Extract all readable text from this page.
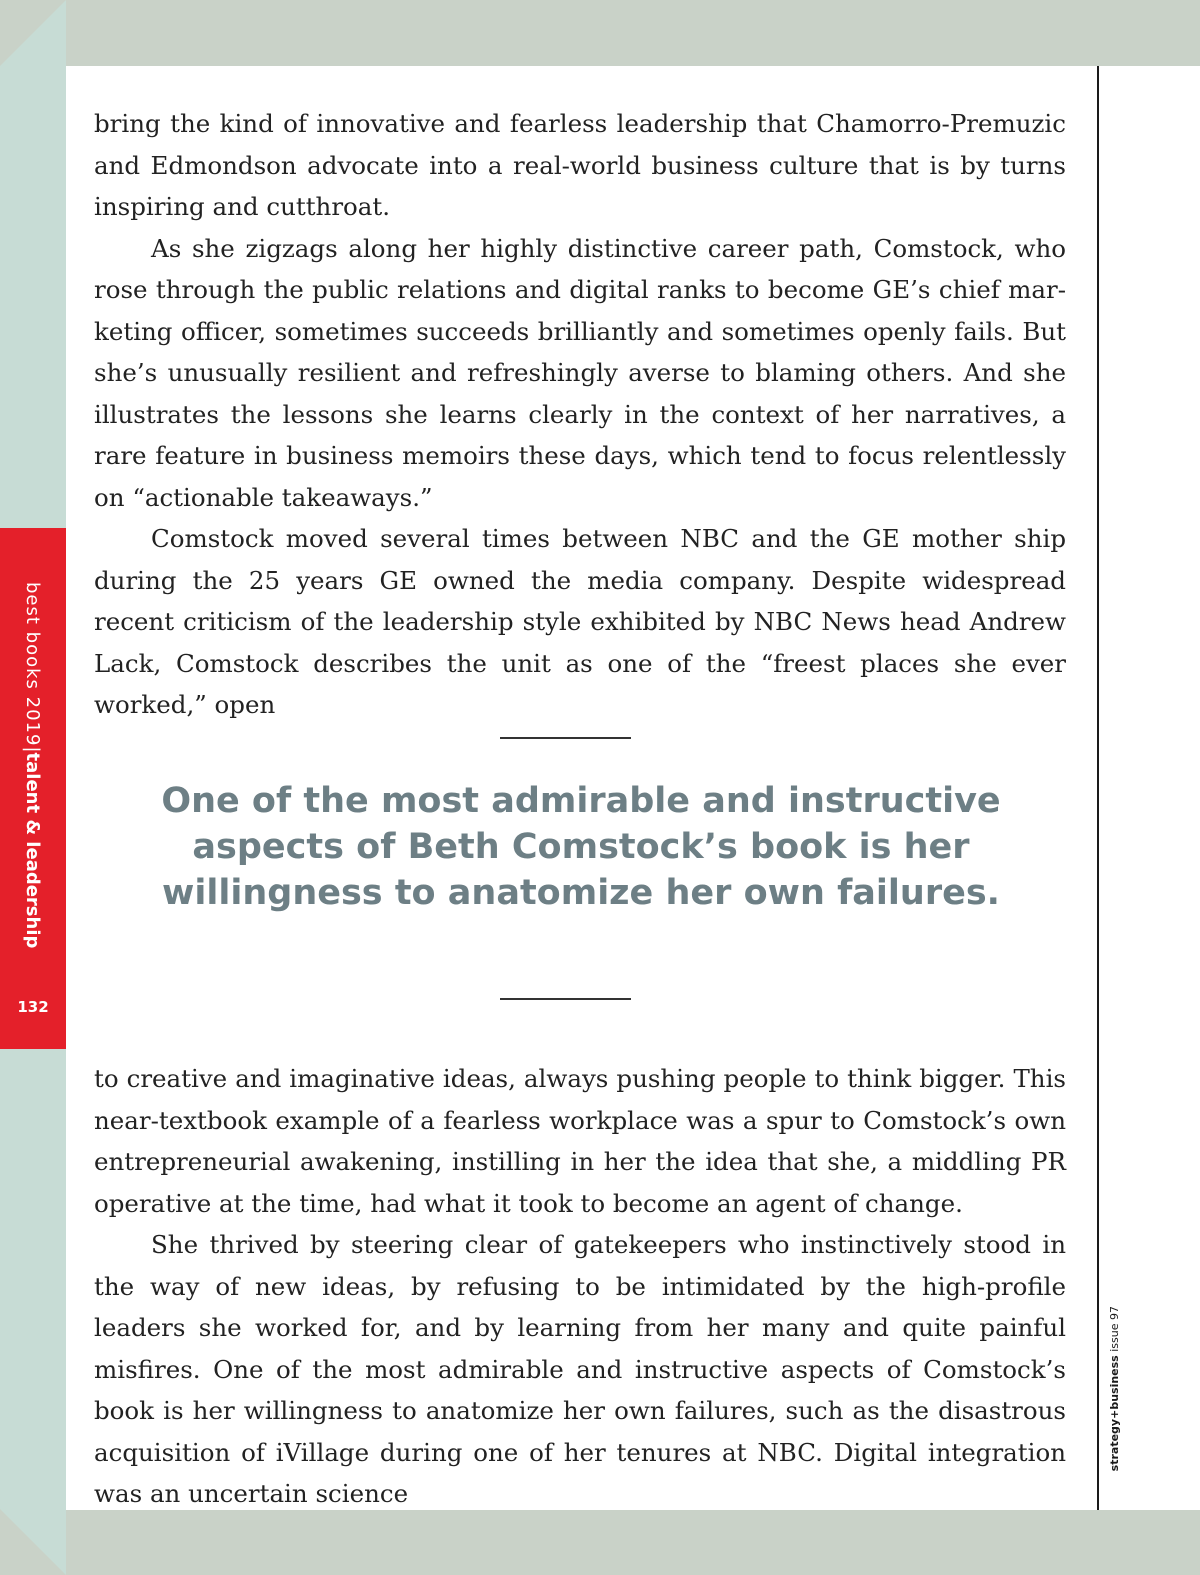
best books 2019|talent & leadership
132

bring the kind of innovative and fearless leadership that Chamorro-Premuzic and Edmondson advocate into a real-world business culture that is by turns inspiring and cutthroat.

As she zigzags along her highly distinctive career path, Comstock, who rose through the public relations and digital ranks to become GE’s chief marketing officer, sometimes succeeds brilliantly and sometimes openly fails. But she’s unusually resilient and refreshingly averse to blaming others. And she illustrates the lessons she learns clearly in the context of her narratives, a rare feature in business memoirs these days, which tend to focus relentlessly on “actionable takeaways.”

Comstock moved several times between NBC and the GE mother ship during the 25 years GE owned the media company. Despite widespread recent criticism of the leadership style exhibited by NBC News head Andrew Lack, Comstock describes the unit as one of the “freest places she ever worked,” open

One of the most admirable and instructive aspects of Beth Comstock’s book is her willingness to anatomize her own failures.

to creative and imaginative ideas, always pushing people to think bigger. This near-textbook example of a fearless workplace was a spur to Comstock’s own entrepreneurial awakening, instilling in her the idea that she, a middling PR operative at the time, had what it took to become an agent of change.

She thrived by steering clear of gatekeepers who instinctively stood in the way of new ideas, by refusing to be intimidated by the high-profile leaders she worked for, and by learning from her many and quite painful misfires. One of the most admirable and instructive aspects of Comstock’s book is her willingness to anatomize her own failures, such as the disastrous acquisition of iVillage during one of her tenures at NBC. Digital integration was an uncertain science

strategy+business issue 97
